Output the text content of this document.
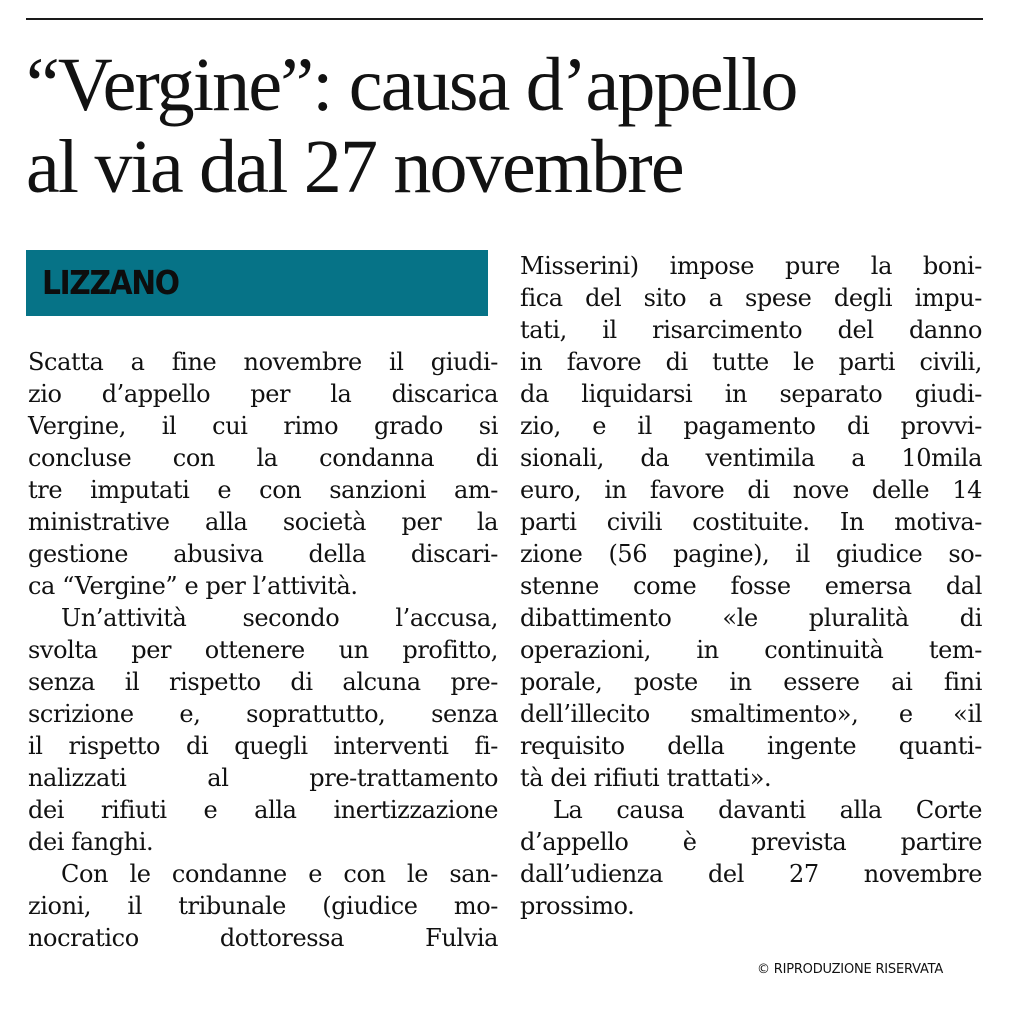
“Vergine”: causa d’appello
al via dal 27 novembre
LIZZANO
Scatta a fine novembre il giudi-
zio d’appello per la discarica
Vergine, il cui rimo grado si
concluse con la condanna di
tre imputati e con sanzioni am-
ministrative alla società per la
gestione abusiva della discari-
ca “Vergine” e per l’attività.
Un’attività secondo l’accusa,
svolta per ottenere un profitto,
senza il rispetto di alcuna pre-
scrizione e, soprattutto, senza
il rispetto di quegli interventi fi-
nalizzati al pre-trattamento
dei rifiuti e alla inertizzazione
dei fanghi.
Con le condanne e con le san-
zioni, il tribunale (giudice mo-
nocratico dottoressa Fulvia
Misserini) impose pure la boni-
fica del sito a spese degli impu-
tati, il risarcimento del danno
in favore di tutte le parti civili,
da liquidarsi in separato giudi-
zio, e il pagamento di provvi-
sionali, da ventimila a 10mila
euro, in favore di nove delle 14
parti civili costituite. In motiva-
zione (56 pagine), il giudice so-
stenne come fosse emersa dal
dibattimento «le pluralità di
operazioni, in continuità tem-
porale, poste in essere ai fini
dell’illecito smaltimento», e «il
requisito della ingente quanti-
tà dei rifiuti trattati».
La causa davanti alla Corte
d’appello è prevista partire
dall’udienza del 27 novembre
prossimo.
© RIPRODUZIONE RISERVATA
